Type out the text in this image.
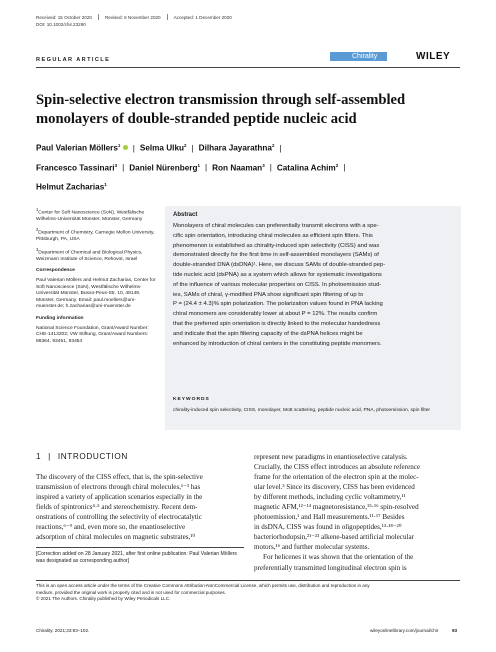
Received: 15 October 2020	Revised: 6 November 2020	Accepted: 1 December 2020
DOI: 10.1002/chir.23290
REGULAR ARTICLE	Chirality	WILEY
Spin-selective electron transmission through self-assembled monolayers of double-stranded peptide nucleic acid
Paul Valerian Möllers$^1$ | Selma Ulku$^2$ | Dilhara Jayarathna$^2$ |
Francesco Tassinari$^3$ | Daniel Nürenberg$^1$ | Ron Naaman$^3$ | Catalina Achim$^2$ |
Helmut Zacharias$^1$

$^1$Center for Soft Nanoscience (SoN), Westfälische Wilhelms-Universität Münster, Münster, Germany

$^2$Department of Chemistry, Carnegie Mellon University, Pittsburgh, PA, USA

$^3$Department of Chemical and Biological Physics, Weizmann Institute of Science, Rehovot, Israel

Correspondence

Paul Valerian Möllers and Helmut Zacharias, Center for Soft Nanoscience (SoN), Westfälische Wilhelms-Universität Münster, Busso-Peus-Str. 10, 48149. Münster, Germany. Email: paul.moellers@uni-muenster.de; h.zacharias@uni-muenster.de

Funding information

National Science Foundation, Grant/Award Number: CHE-1413202; VW Stiftung, Grant/Award Numbers: 88364, 93451, 93454

Abstract
Monolayers of chiral molecules can preferentially transmit electrons with a spe-
cific spin orientation, introducing chiral molecules as efficient spin filters. This
phenomenon is established as chirality-induced spin selectivity (CISS) and was
demonstrated directly for the first time in self-assembled monolayers (SAMs) of
double-stranded DNA (dsDNA)¹. Here, we discuss SAMs of double-stranded pep-
tide nucleic acid (dsPNA) as a system which allows for systematic investigations
of the influence of various molecular properties on CISS. In photoemission stud-
ies, SAMs of chiral, γ-modified PNA show significant spin filtering of up to
P = (24.4 ± 4.3)% spin polarization. The polarization values found in PNA lacking
chiral monomers are considerably lower at about P = 12%. The results confirm
that the preferred spin orientation is directly linked to the molecular handedness
and indicate that the spin filtering capacity of the dsPNA helices might be
enhanced by introduction of chiral centers in the constituting peptide monomers.
KEYWORDS
chirality-induced spin selectivity, CISS, monolayer, Mott scattering, peptide nucleic acid, PNA, photoemission, spin filter
1 | INTRODUCTION
The discovery of the CISS effect, that is, the spin-selective
transmission of electrons through chiral molecules,¹⁻³ has
inspired a variety of application scenarios especially in the
fields of spintronics⁴·⁵ and stereochemistry. Recent dem-
onstrations of controlling the selectivity of electrocatalytic
reactions,⁶⁻⁹ and, even more so, the enantioselective
adsorption of chiral molecules on magnetic substrates,¹⁰
[Correction added on 28 January 2021, after first online publication: Paul Valerian Möllers was designated as corresponding author]
represent new paradigms in enantioselective catalysis.
Crucially, the CISS effect introduces an absolute reference
frame for the orientation of the electron spin at the molec-
ular level.³ Since its discovery, CISS has been evidenced
by different methods, including cyclic voltammetry,¹¹
magnetic AFM,¹²⁻¹⁴ magnetoresistance,¹⁵·¹⁶ spin-resolved
photoemission,¹ and Hall measurements.¹¹·¹⁷ Besides
in dsDNA, CISS was found in oligopeptides,¹³·¹⁸⁻²⁰
bacteriorhodopsin,²¹⁻²³ alkene-based artificial molecular
motors,¹⁶ and further molecular systems.
For helicenes it was shown that the orientation of the
preferentially transmitted longitudinal electron spin is
This is an open access article under the terms of the Creative Commons Attribution-NonCommercial License, which permits use, distribution and reproduction in any
medium, provided the original work is properly cited and is not used for commercial purposes.
© 2021 The Authors. Chirality published by Wiley Periodicals LLC.
Chirality. 2021;33:93–102.	wileyonlinelibrary.com/journal/chir	93
